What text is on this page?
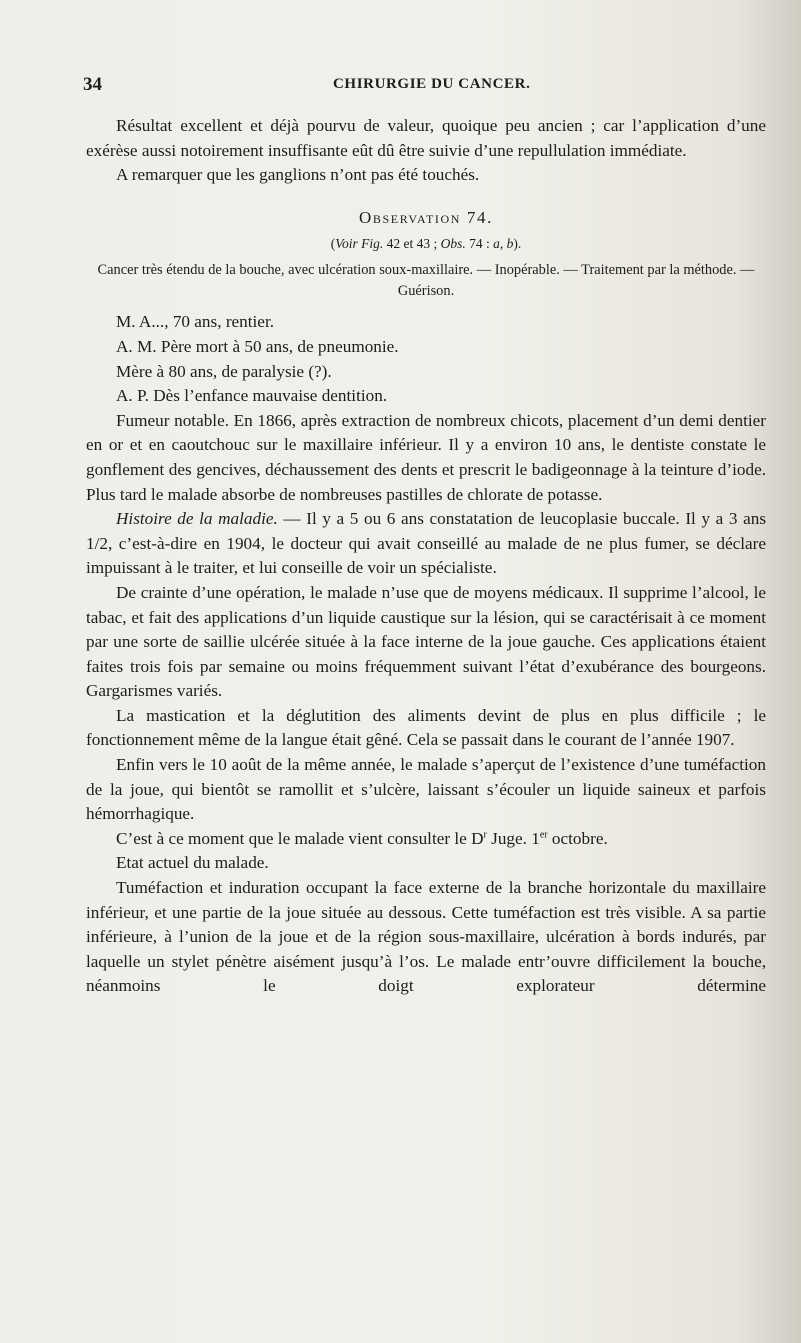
34	CHIRURGIE DU CANCER.

Résultat excellent et déjà pourvu de valeur, quoique peu ancien ; car l’application d’une exérèse aussi notoirement insuffisante eût dû être suivie d’une repullulation immédiate.

A remarquer que les ganglions n’ont pas été touchés.

Observation 74.

(Voir Fig. 42 et 43 ; Obs. 74 : a, b).

Cancer très étendu de la bouche, avec ulcération soux-maxillaire. — Inopérable. — Traitement par la méthode. — Guérison.

M. A..., 70 ans, rentier.

A. M. Père mort à 50 ans, de pneumonie.

Mère à 80 ans, de paralysie (?).

A. P. Dès l’enfance mauvaise dentition.

Fumeur notable. En 1866, après extraction de nombreux chicots, placement d’un demi dentier en or et en caoutchouc sur le maxillaire inférieur. Il y a environ 10 ans, le dentiste constate le gonflement des gencives, déchaussement des dents et prescrit le badigeonnage à la teinture d’iode. Plus tard le malade absorbe de nombreuses pastilles de chlorate de potasse.

Histoire de la maladie. — Il y a 5 ou 6 ans constatation de leucoplasie buccale. Il y a 3 ans 1/2, c’est-à-dire en 1904, le docteur qui avait conseillé au malade de ne plus fumer, se déclare impuissant à le traiter, et lui conseille de voir un spécialiste.

De crainte d’une opération, le malade n’use que de moyens médicaux. Il supprime l’alcool, le tabac, et fait des applications d’un liquide caustique sur la lésion, qui se caractérisait à ce moment par une sorte de saillie ulcérée située à la face interne de la joue gauche. Ces applications étaient faites trois fois par semaine ou moins fréquemment suivant l’état d’exubérance des bourgeons. Gargarismes variés.

La mastication et la déglutition des aliments devint de plus en plus difficile ; le fonctionnement même de la langue était gêné. Cela se passait dans le courant de l’année 1907.

Enfin vers le 10 août de la même année, le malade s’aperçut de l’existence d’une tuméfaction de la joue, qui bientôt se ramollit et s’ulcère, laissant s’écouler un liquide saineux et parfois hémorrhagique.

C’est à ce moment que le malade vient consulter le $D^r$ Juge. 1er octobre.

Etat actuel du malade.

Tuméfaction et induration occupant la face externe de la branche horizontale du maxillaire inférieur, et une partie de la joue située au dessous. Cette tuméfaction est très visible. A sa partie inférieure, à l’union de la joue et de la région sous-maxillaire, ulcération à bords indurés, par laquelle un stylet pénètre aisément jusqu’à l’os. Le malade entr’ouvre difficilement la bouche, néanmoins le doigt explorateur détermine
